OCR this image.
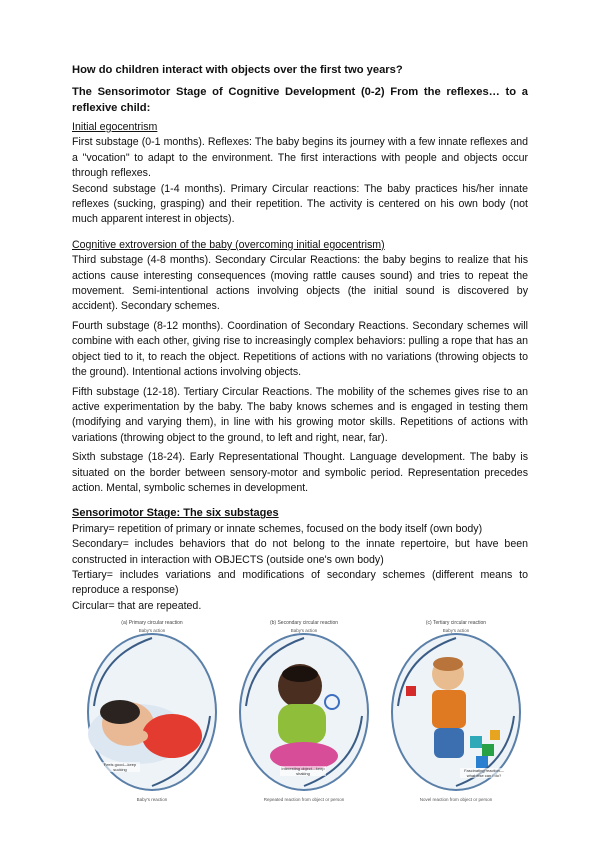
How do children interact with objects over the first two years?

The Sensorimotor Stage of Cognitive Development (0-2) From the reflexes… to a reflexive child:

Initial egocentrism

First substage (0-1 months). Reflexes: The baby begins its journey with a few innate reflexes and a "vocation" to adapt to the environment. The first interactions with people and objects occur through reflexes.

Second substage (1-4 months). Primary Circular reactions: The baby practices his/her innate reflexes (sucking, grasping) and their repetition. The activity is centered on his own body (not much apparent interest in objects).

Cognitive extroversion of the baby (overcoming initial egocentrism)

Third substage (4-8 months). Secondary Circular Reactions: the baby begins to realize that his actions cause interesting consequences (moving rattle causes sound) and tries to repeat the movement. Semi-intentional actions involving objects (the initial sound is discovered by accident). Secondary schemes.

Fourth substage (8-12 months). Coordination of Secondary Reactions. Secondary schemes will combine with each other, giving rise to increasingly complex behaviors: pulling a rope that has an object tied to it, to reach the object. Repetitions of actions with no variations (throwing objects to the ground). Intentional actions involving objects.

Fifth substage (12-18). Tertiary Circular Reactions. The mobility of the schemes gives rise to an active experimentation by the baby. The baby knows schemes and is engaged in testing them (modifying and varying them), in line with his growing motor skills. Repetitions of actions with variations (throwing object to the ground, to left and right, near, far).

Sixth substage (18-24). Early Representational Thought. Language development. The baby is situated on the border between sensory-motor and symbolic period. Representation precedes action. Mental, symbolic schemes in development.

Sensorimotor Stage: The six substages

Primary= repetition of primary or innate schemes, focused on the body itself (own body)

Secondary= includes behaviors that do not belong to the innate repertoire, but have been constructed in interaction with OBJECTS (outside one's own body)

Tertiary= includes variations and modifications of secondary schemes (different means to reproduce a response)

Circular= that are repeated.

(a) Primary circular reaction
Baby's action
Feels good—keep sucking
Baby's reaction
(b) Secondary circular reaction
Baby's action
Interesting object—keep shaking
Repeated reaction from object or person
(c) Tertiary circular reaction
Baby's action
Fascinating reaction—what else can I do?
Novel reaction from object or person
